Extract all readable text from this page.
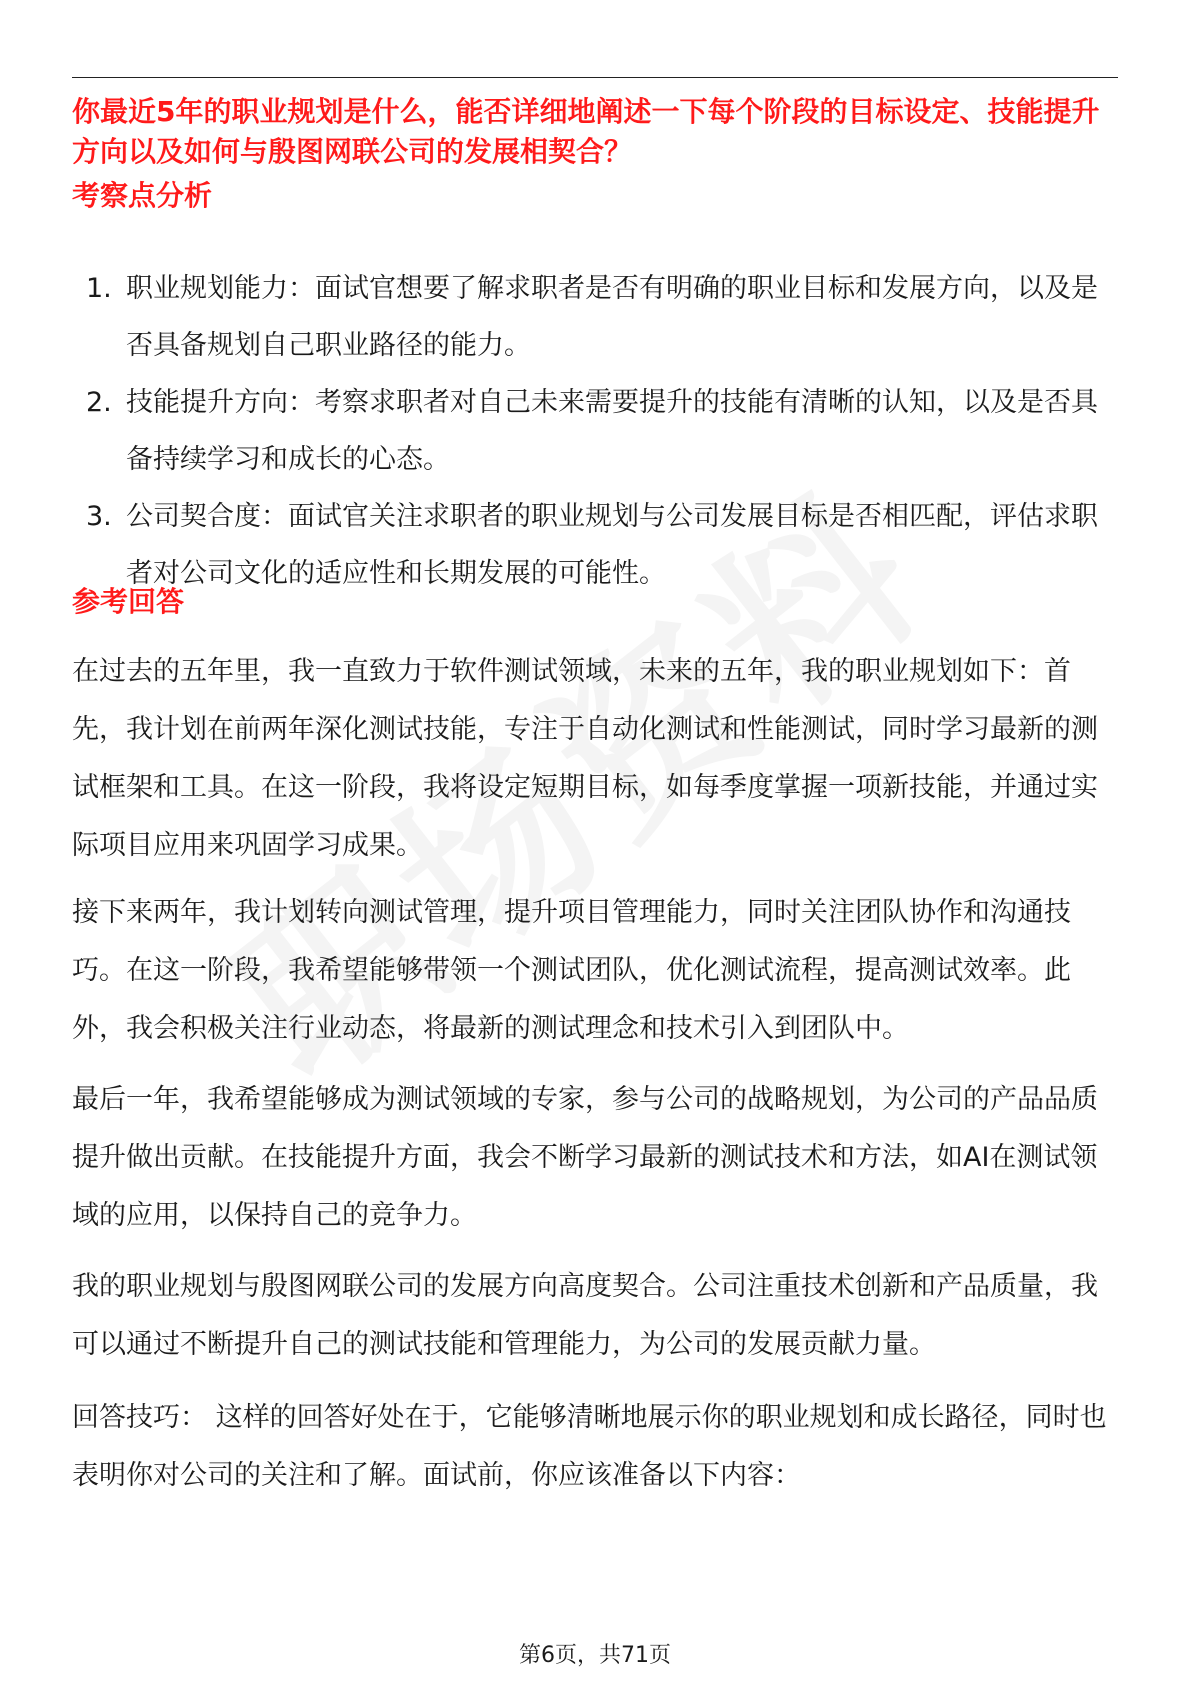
你最近5年的职业规划是什么，能否详细地阐述一下每个阶段的目标设定、技能提升方向以及如何与殷图网联公司的发展相契合？
考察点分析
1. 职业规划能力：面试官想要了解求职者是否有明确的职业目标和发展方向，以及是否具备规划自己职业路径的能力。
2. 技能提升方向：考察求职者对自己未来需要提升的技能有清晰的认知，以及是否具备持续学习和成长的心态。
3. 公司契合度：面试官关注求职者的职业规划与公司发展目标是否相匹配，评估求职者对公司文化的适应性和长期发展的可能性。
参考回答

在过去的五年里，我一直致力于软件测试领域，未来的五年，我的职业规划如下：首先，我计划在前两年深化测试技能，专注于自动化测试和性能测试，同时学习最新的测试框架和工具。在这一阶段，我将设定短期目标，如每季度掌握一项新技能，并通过实际项目应用来巩固学习成果。

接下来两年，我计划转向测试管理，提升项目管理能力，同时关注团队协作和沟通技巧。在这一阶段，我希望能够带领一个测试团队，优化测试流程，提高测试效率。此外，我会积极关注行业动态，将最新的测试理念和技术引入到团队中。

最后一年，我希望能够成为测试领域的专家，参与公司的战略规划，为公司的产品品质提升做出贡献。在技能提升方面，我会不断学习最新的测试技术和方法，如AI在测试领域的应用，以保持自己的竞争力。

我的职业规划与殷图网联公司的发展方向高度契合。公司注重技术创新和产品质量，我可以通过不断提升自己的测试技能和管理能力，为公司的发展贡献力量。

回答技巧： 这样的回答好处在于，它能够清晰地展示你的职业规划和成长路径，同时也表明你对公司的关注和了解。面试前，你应该准备以下内容：

第6页，共71页
